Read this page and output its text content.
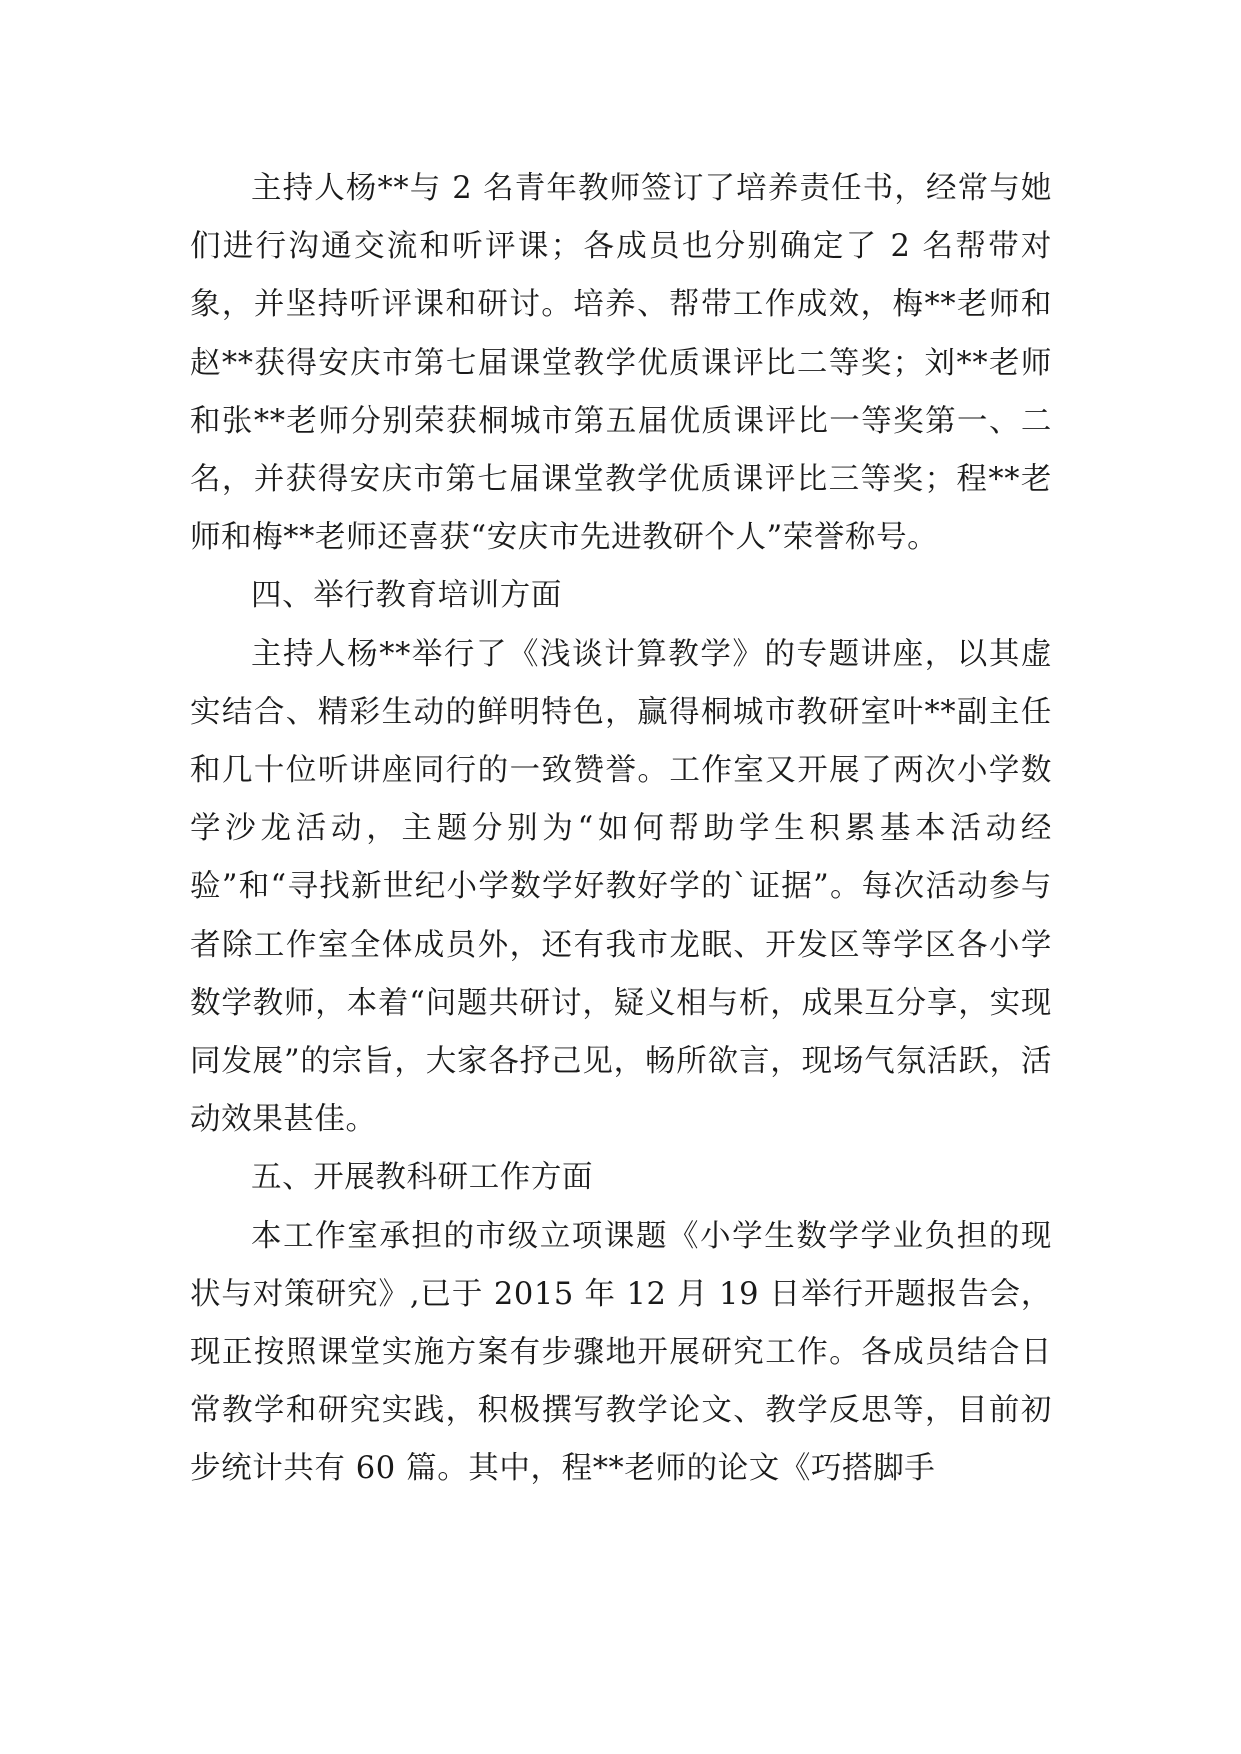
主持人杨**与 2 名青年教师签订了培养责任书，经常与她们进行沟通交流和听评课；各成员也分别确定了 2 名帮带对象，并坚持听评课和研讨。培养、帮带工作成效，梅**老师和赵**获得安庆市第七届课堂教学优质课评比二等奖；刘**老师和张**老师分别荣获桐城市第五届优质课评比一等奖第一、二名，并获得安庆市第七届课堂教学优质课评比三等奖；程**老师和梅**老师还喜获“安庆市先进教研个人”荣誉称号。

四、举行教育培训方面

主持人杨**举行了《浅谈计算教学》的专题讲座，以其虚实结合、精彩生动的鲜明特色，赢得桐城市教研室叶**副主任和几十位听讲座同行的一致赞誉。工作室又开展了两次小学数学沙龙活动，主题分别为“如何帮助学生积累基本活动经验”和“寻找新世纪小学数学好教好学的`证据”。每次活动参与者除工作室全体成员外，还有我市龙眠、开发区等学区各小学数学教师，本着“问题共研讨，疑义相与析，成果互分享，实现同发展”的宗旨，大家各抒己见，畅所欲言，现场气氛活跃，活动效果甚佳。

五、开展教科研工作方面

本工作室承担的市级立项课题《小学生数学学业负担的现状与对策研究》,已于 2015 年 12 月 19 日举行开题报告会，现正按照课堂实施方案有步骤地开展研究工作。各成员结合日常教学和研究实践，积极撰写教学论文、教学反思等，目前初步统计共有 60 篇。其中，程**老师的论文《巧搭脚手
